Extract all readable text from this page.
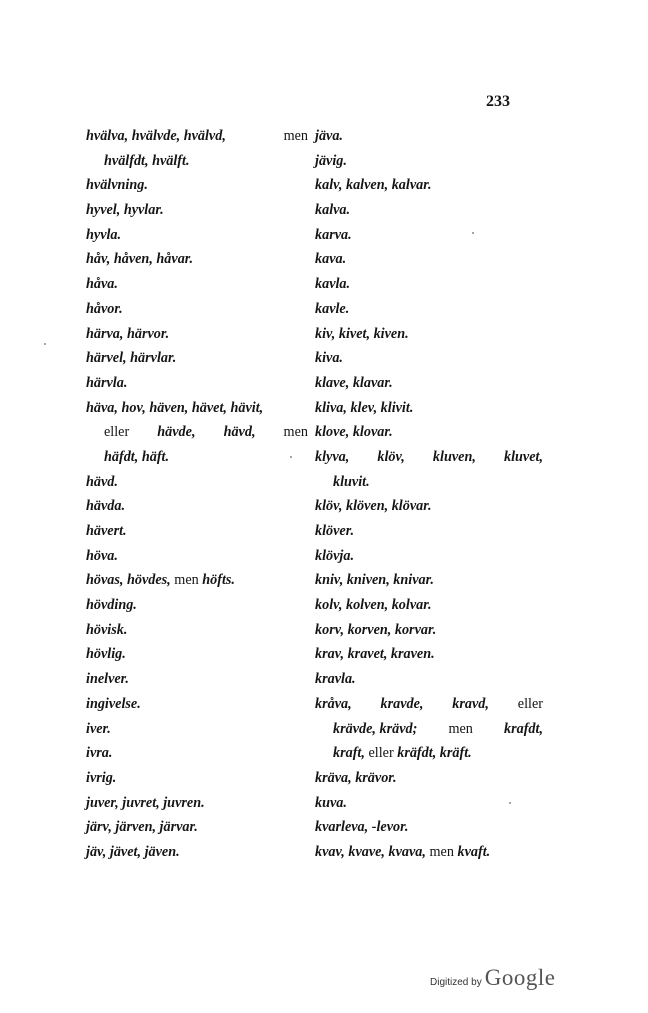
233
hvälva, hvälvde, hvälvd,	men
hvälfdt, hvälft.
hvälvning.
hyvel, hyvlar.
hyvla.
håv, håven, håvar.
håva.
håvor.
härva, härvor.
härvel, härvlar.
härvla.
häva, hov, häven, hävet, hävit,
eller hävde, hävd, men
häfdt, häft.
hävd.
hävda.
hävert.
höva.
hövas, hövdes, men höfts.
hövding.
hövisk.
hövlig.
inelver.
ingivelse.
iver.
ivra.
ivrig.
juver, juvret, juvren.
järv, järven, järvar.
jäv, jävet, jäven.
jäva.
jävig.
kalv, kalven, kalvar.
kalva.
karva.
kava.
kavla.
kavle.
kiv, kivet, kiven.
kiva.
klave, klavar.
kliva, klev, klivit.
klove, klovar.
klyva, klöv, kluven, kluvet,
kluvit.
klöv, klöven, klövar.
klöver.
klövja.
kniv, kniven, knivar.
kolv, kolven, kolvar.
korv, korven, korvar.
krav, kravet, kraven.
kravla.
kråva, kravde, kravd, eller
krävde, krävd; men krafdt,
kraft, eller kräfdt, kräft.
kräva, krävor.
kuva.
kvarleva, -levor.
kvav, kvave, kvava, men kvaft.
Digitized by Google
